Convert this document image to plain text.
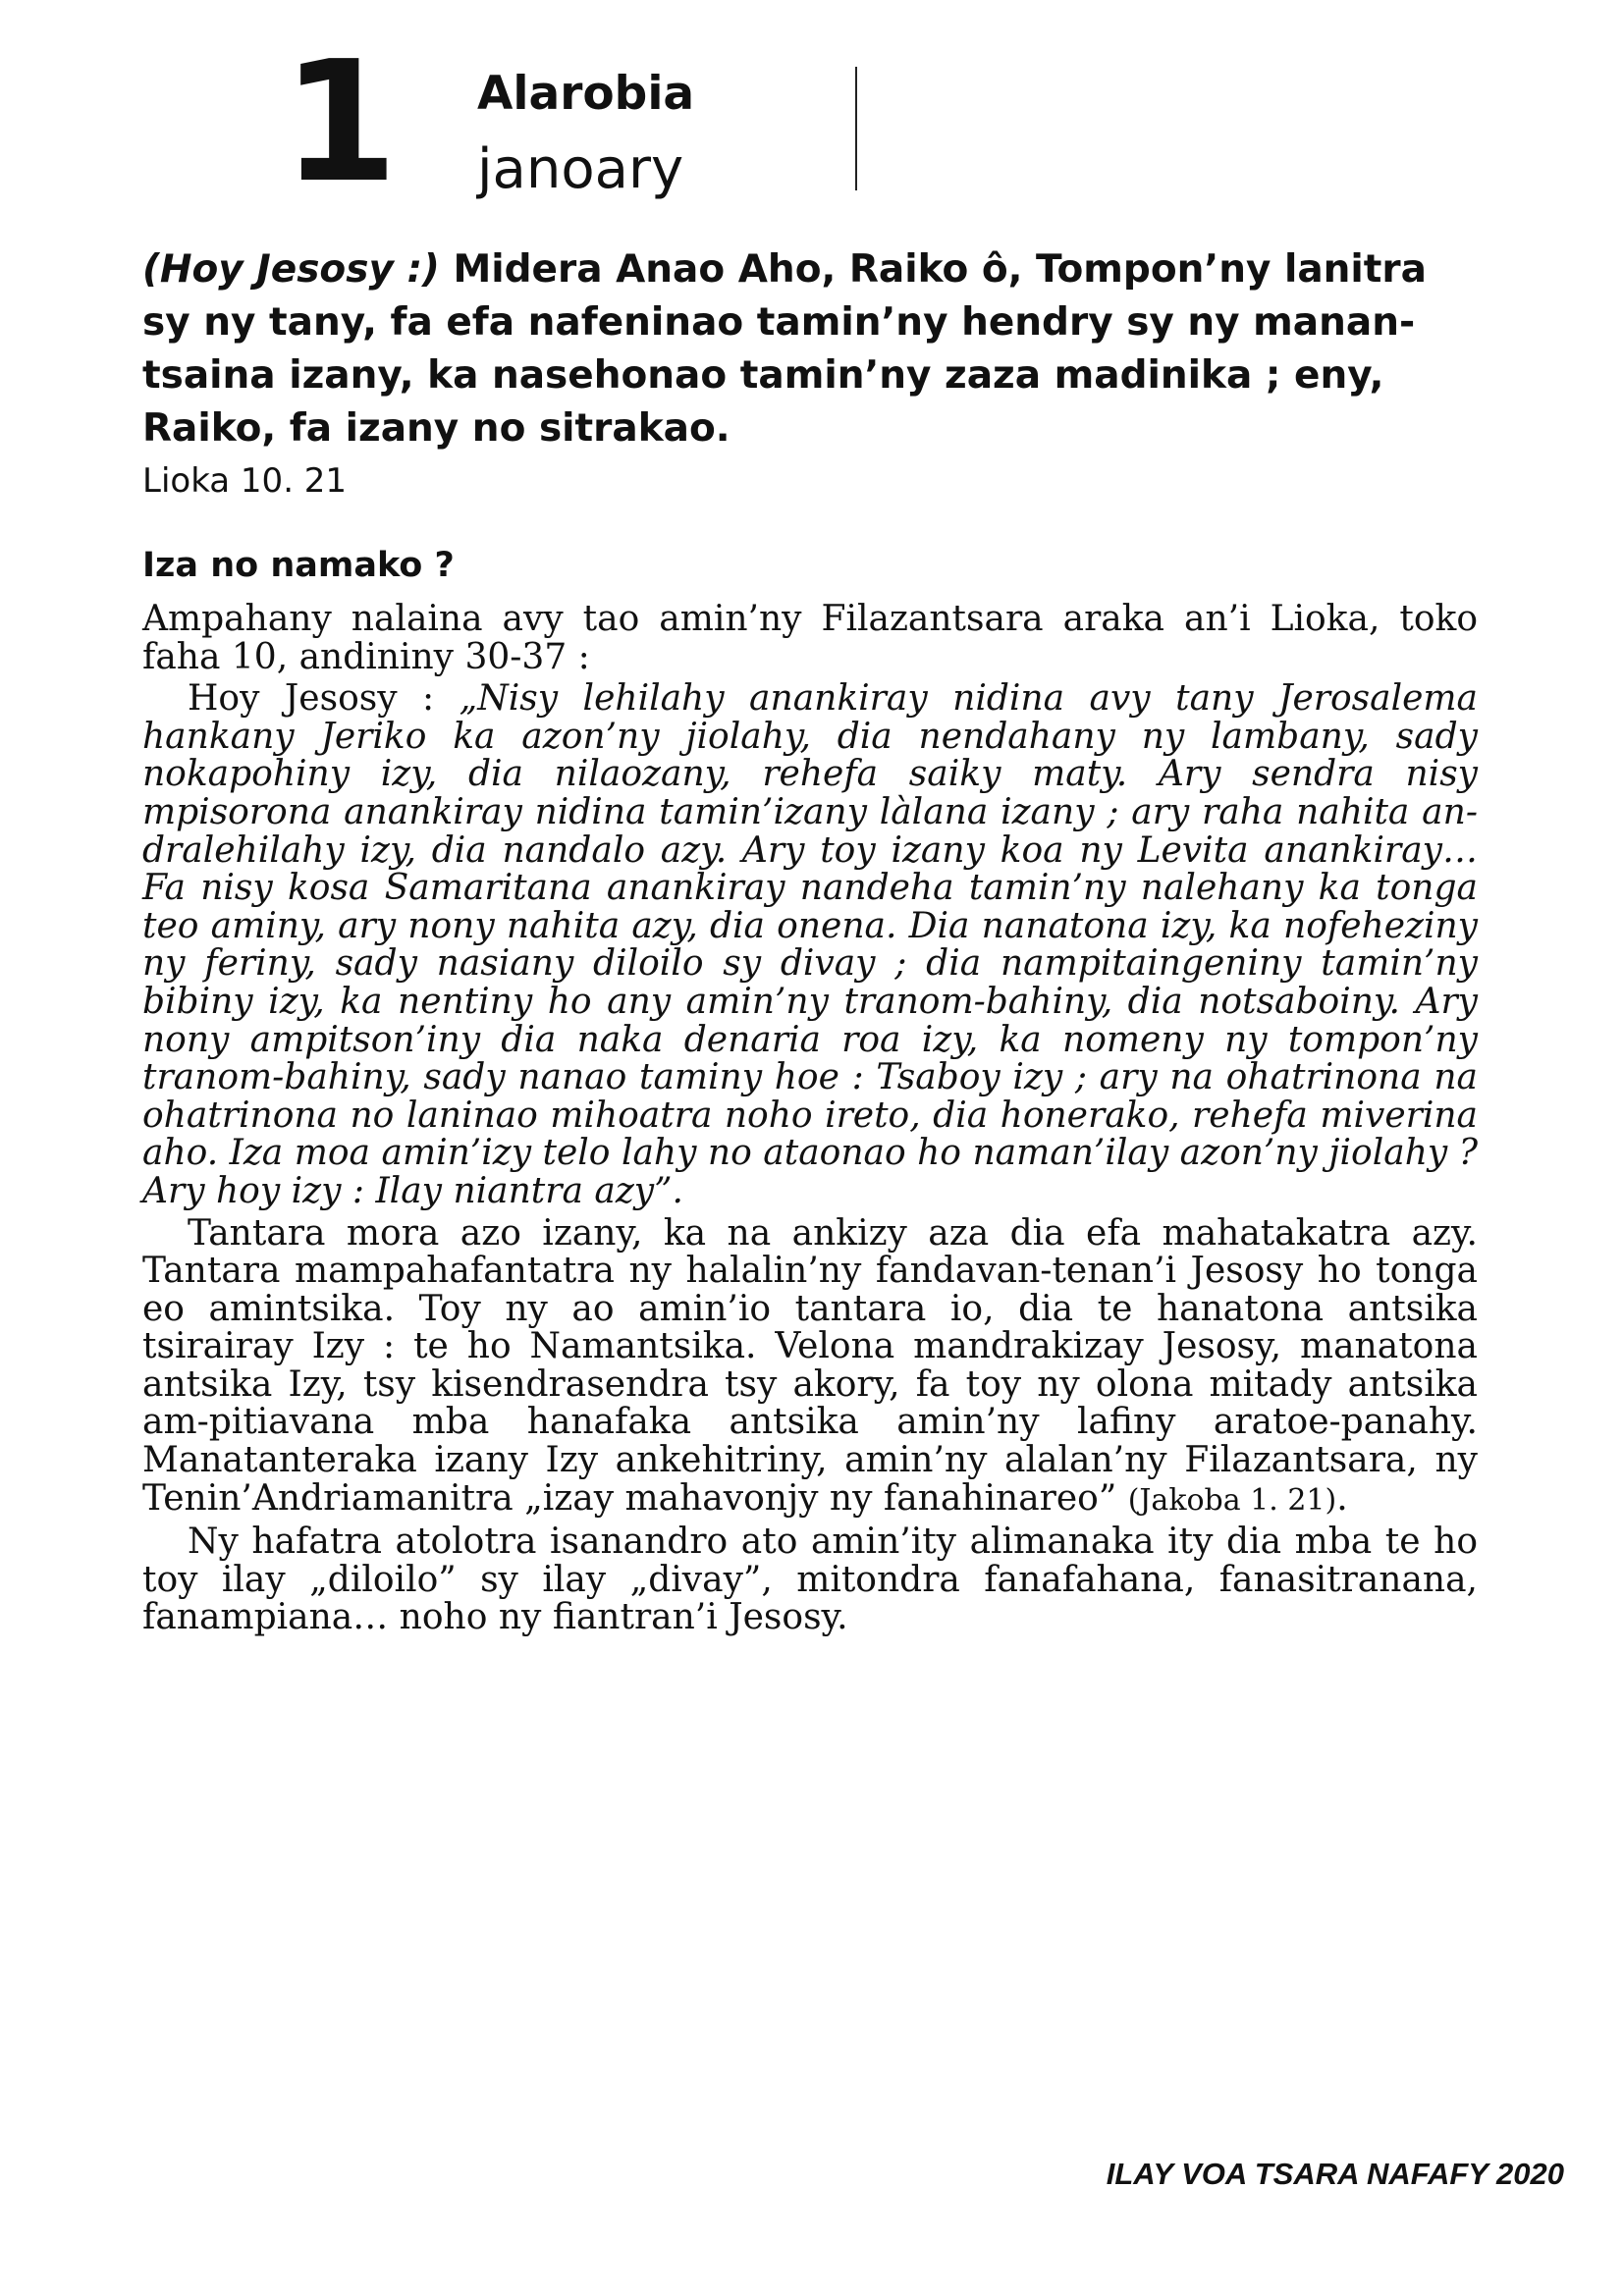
1 Alarobia
janoary
(Hoy Jesosy :) Midera Anao Aho, Raiko ô, Tompon’ny lanitra sy ny tany, fa efa nafeninao tamin’ny hendry sy ny manan-tsaina izany, ka nasehonao tamin’ny zaza madinika ; eny, Raiko, fa izany no sitrakao.
Lioka 10. 21
Iza no namako ?

Ampahany nalaina avy tao amin’ny Filazantsara araka an’i Lioka, toko faha 10, andininy 30-37 :

Hoy Jesosy : „Nisy lehilahy anankiray nidina avy tany Jerosalema hankany Jeriko ka azon’ny jiolahy, dia nendahany ny lambany, sady nokapohiny izy, dia nilaozany, rehefa saiky maty. Ary sendra nisy mpisorona anankiray nidina tamin’izany làlana izany ; ary raha nahita an-dralehilahy izy, dia nandalo azy. Ary toy izany koa ny Levita anankiray… Fa nisy kosa Samaritana anankiray nandeha tamin’ny nalehany ka tonga teo aminy, ary nony nahita azy, dia onena. Dia nanatona izy, ka nofeheziny ny feriny, sady nasiany diloilo sy divay ; dia nampitaingeniny tamin’ny bibiny izy, ka nentiny ho any amin’ny tranom-bahiny, dia notsaboiny. Ary nony ampitson’iny dia naka denaria roa izy, ka nomeny ny tompon’ny tranom-bahiny, sady nanao taminy hoe : Tsaboy izy ; ary na ohatrinona na ohatrinona no laninao mihoatra noho ireto, dia honerako, rehefa miverina aho. Iza moa amin’izy telo lahy no ataonao ho naman’ilay azon’ny jiolahy ? Ary hoy izy : Ilay niantra azy”.

Tantara mora azo izany, ka na ankizy aza dia efa mahatakatra azy. Tantara mampahafantatra ny halalin’ny fandavan-tenan’i Jesosy ho tonga eo amintsika. Toy ny ao amin’io tantara io, dia te hanatona antsika tsirairay Izy : te ho Namantsika. Velona mandrakizay Jesosy, manatona antsika Izy, tsy kisendrasendra tsy akory, fa toy ny olona mitady antsika am-pitiavana mba hanafaka antsika amin’ny lafiny aratoe-panahy. Manatanteraka izany Izy ankehitriny, amin’ny alalan’ny Filazantsara, ny Tenin’Andriamanitra „izay mahavonjy ny fanahinareo” (Jakoba 1. 21).

Ny hafatra atolotra isanandro ato amin’ity alimanaka ity dia mba te ho toy ilay „diloilo” sy ilay „divay”, mitondra fanafahana, fanasitranana, fanampiana… noho ny fiantran’i Jesosy.

ILAY VOA TSARA NAFAFY 2020
